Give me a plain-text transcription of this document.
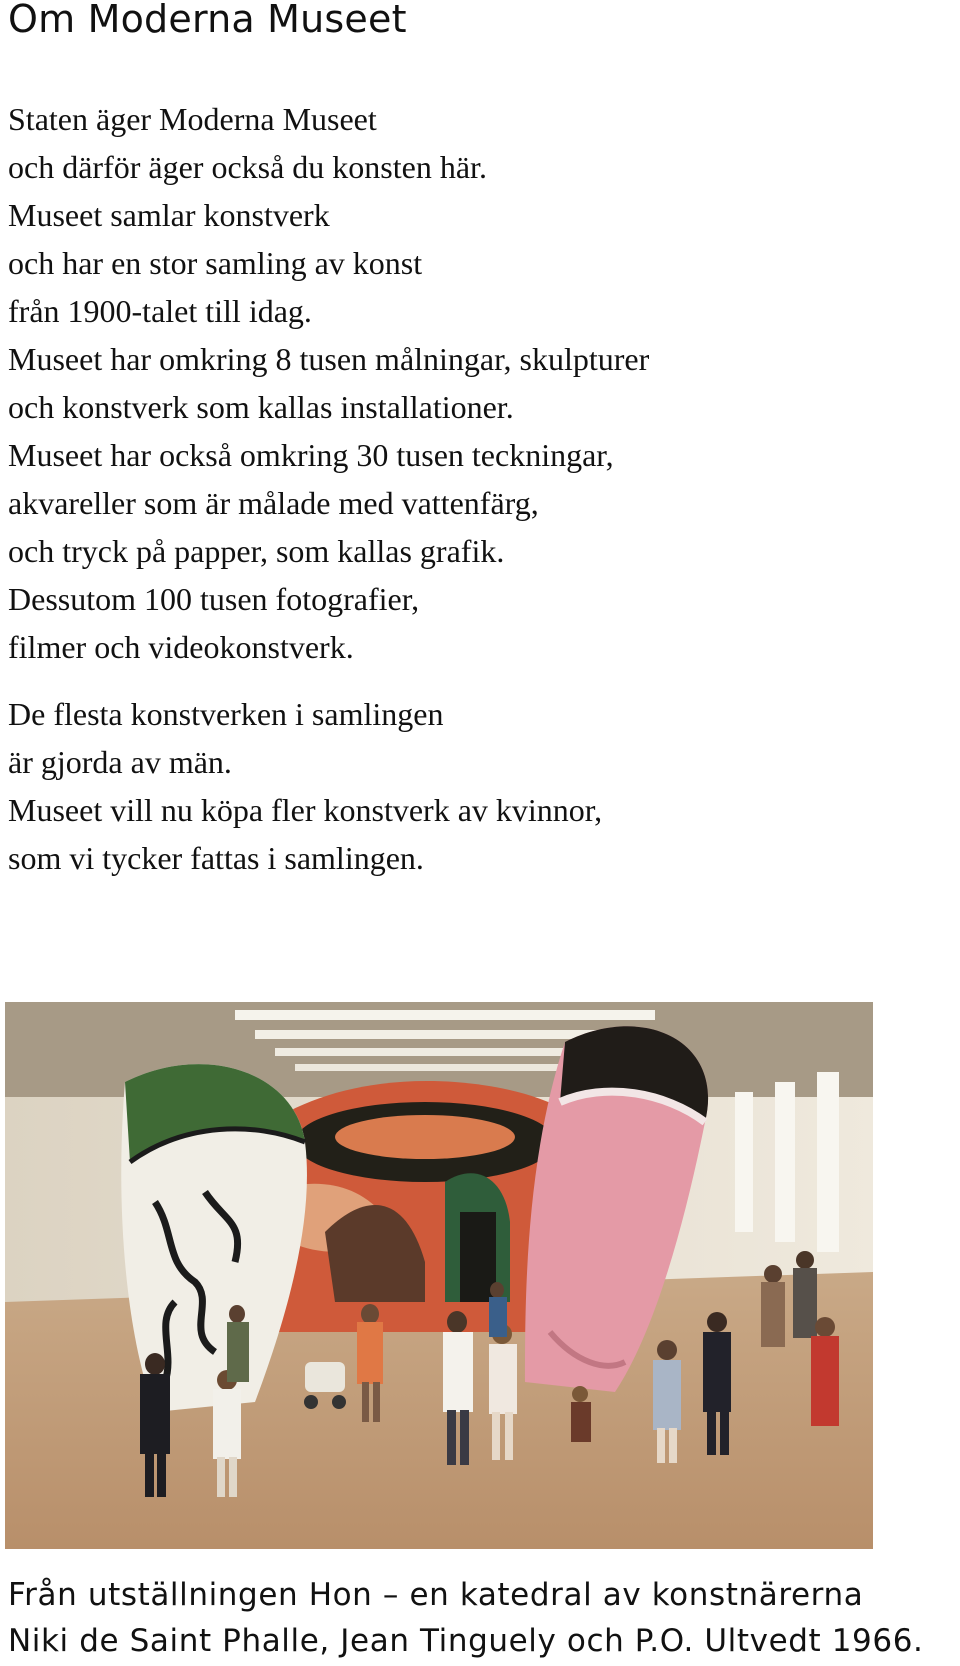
Om Moderna Museet

Staten äger Moderna Museet
och därför äger också du konsten här.
Museet samlar konstverk
och har en stor samling av konst
från 1900-talet till idag.
Museet har omkring 8 tusen målningar, skulpturer
och konstverk som kallas installationer.
Museet har också omkring 30 tusen teckningar,
akvareller som är målade med vattenfärg,
och tryck på papper, som kallas grafik.
Dessutom 100 tusen fotografier,
filmer och videokonstverk.

De flesta konstverken i samlingen
är gjorda av män.
Museet vill nu köpa fler konstverk av kvinnor,
som vi tycker fattas i samlingen.

Från utställningen Hon – en katedral av konstnärerna
Niki de Saint Phalle, Jean Tinguely och P.O. Ultvedt 1966.
